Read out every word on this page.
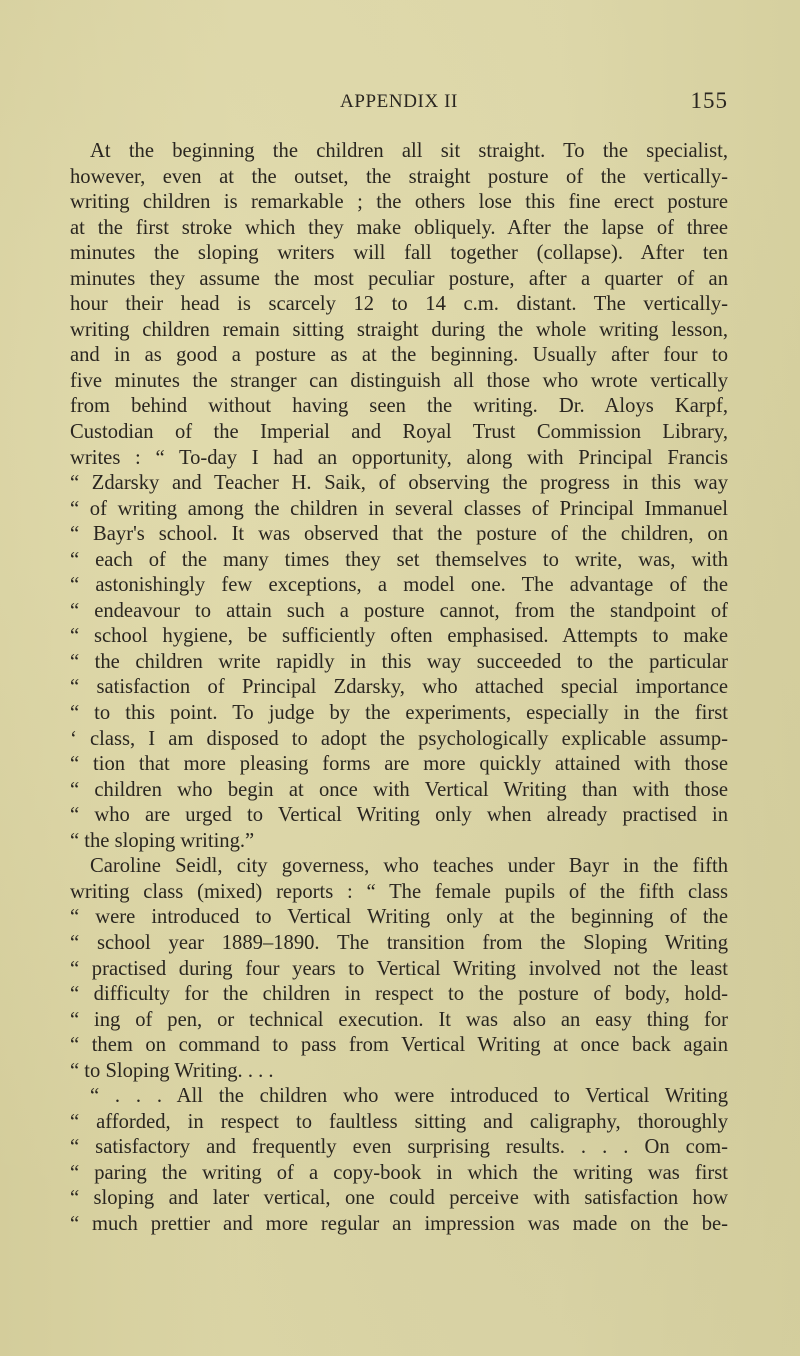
APPENDIX II	155
At the beginning the children all sit straight. To the specialist,
however, even at the outset, the straight posture of the vertically-
writing children is remarkable ; the others lose this fine erect posture
at the first stroke which they make obliquely. After the lapse of three
minutes the sloping writers will fall together (collapse). After ten
minutes they assume the most peculiar posture, after a quarter of an
hour their head is scarcely 12 to 14 c.m. distant. The vertically-
writing children remain sitting straight during the whole writing lesson,
and in as good a posture as at the beginning. Usually after four to
five minutes the stranger can distinguish all those who wrote vertically
from behind without having seen the writing. Dr. Aloys Karpf,
Custodian of the Imperial and Royal Trust Commission Library,
writes : “ To-day I had an opportunity, along with Principal Francis
“ Zdarsky and Teacher H. Saik, of observing the progress in this way
“ of writing among the children in several classes of Principal Immanuel
“ Bayr's school. It was observed that the posture of the children, on
“ each of the many times they set themselves to write, was, with
“ astonishingly few exceptions, a model one. The advantage of the
“ endeavour to attain such a posture cannot, from the standpoint of
“ school hygiene, be sufficiently often emphasised. Attempts to make
“ the children write rapidly in this way succeeded to the particular
“ satisfaction of Principal Zdarsky, who attached special importance
“ to this point. To judge by the experiments, especially in the first
‘ class, I am disposed to adopt the psychologically explicable assump-
“ tion that more pleasing forms are more quickly attained with those
“ children who begin at once with Vertical Writing than with those
“ who are urged to Vertical Writing only when already practised in
“ the sloping writing.”
Caroline Seidl, city governess, who teaches under Bayr in the fifth
writing class (mixed) reports : “ The female pupils of the fifth class
“ were introduced to Vertical Writing only at the beginning of the
“ school year 1889–1890. The transition from the Sloping Writing
“ practised during four years to Vertical Writing involved not the least
“ difficulty for the children in respect to the posture of body, hold-
“ ing of pen, or technical execution. It was also an easy thing for
“ them on command to pass from Vertical Writing at once back again
“ to Sloping Writing. . . .
“ . . . All the children who were introduced to Vertical Writing
“ afforded, in respect to faultless sitting and caligraphy, thoroughly
“ satisfactory and frequently even surprising results. . . . On com-
“ paring the writing of a copy-book in which the writing was first
“ sloping and later vertical, one could perceive with satisfaction how
“ much prettier and more regular an impression was made on the be-
